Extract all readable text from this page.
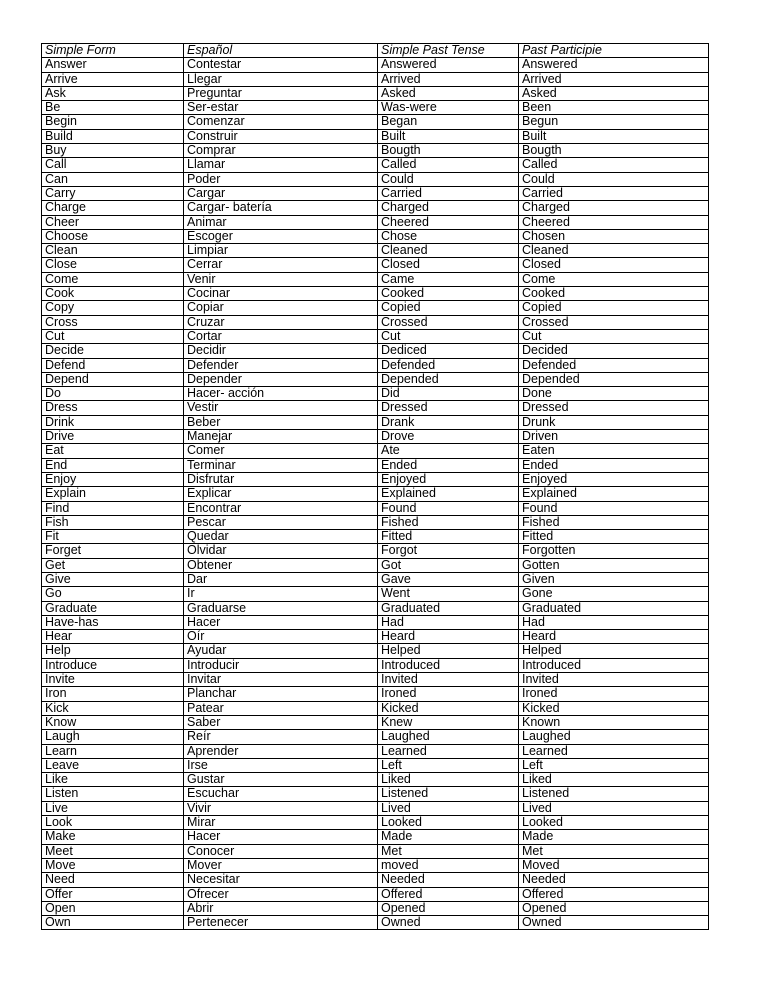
Simple Form	Español	Simple Past Tense	Past Participie
Answer	Contestar	Answered	Answered
Arrive	Llegar	Arrived	Arrived
Ask	Preguntar	Asked	Asked
Be	Ser-estar	Was-were	Been
Begin	Comenzar	Began	Begun
Build	Construir	Built	Built
Buy	Comprar	Bougth	Bougth
Call	Llamar	Called	Called
Can	Poder	Could	Could
Carry	Cargar	Carried	Carried
Charge	Cargar- batería	Charged	Charged
Cheer	Animar	Cheered	Cheered
Choose	Escoger	Chose	Chosen
Clean	Limpiar	Cleaned	Cleaned
Close	Cerrar	Closed	Closed
Come	Venir	Came	Come
Cook	Cocinar	Cooked	Cooked
Copy	Copiar	Copied	Copied
Cross	Cruzar	Crossed	Crossed
Cut	Cortar	Cut	Cut
Decide	Decidir	Dediced	Decided
Defend	Defender	Defended	Defended
Depend	Depender	Depended	Depended
Do	Hacer- acción	Did	Done
Dress	Vestir	Dressed	Dressed
Drink	Beber	Drank	Drunk
Drive	Manejar	Drove	Driven
Eat	Comer	Ate	Eaten
End	Terminar	Ended	Ended
Enjoy	Disfrutar	Enjoyed	Enjoyed
Explain	Explicar	Explained	Explained
Find	Encontrar	Found	Found
Fish	Pescar	Fished	Fished
Fit	Quedar	Fitted	Fitted
Forget	Olvidar	Forgot	Forgotten
Get	Obtener	Got	Gotten
Give	Dar	Gave	Given
Go	Ir	Went	Gone
Graduate	Graduarse	Graduated	Graduated
Have-has	Hacer	Had	Had
Hear	Oír	Heard	Heard
Help	Ayudar	Helped	Helped
Introduce	Introducir	Introduced	Introduced
Invite	Invitar	Invited	Invited
Iron	Planchar	Ironed	Ironed
Kick	Patear	Kicked	Kicked
Know	Saber	Knew	Known
Laugh	Reír	Laughed	Laughed
Learn	Aprender	Learned	Learned
Leave	Irse	Left	Left
Like	Gustar	Liked	Liked
Listen	Escuchar	Listened	Listened
Live	Vivir	Lived	Lived
Look	Mirar	Looked	Looked
Make	Hacer	Made	Made
Meet	Conocer	Met	Met
Move	Mover	moved	Moved
Need	Necesitar	Needed	Needed
Offer	Ofrecer	Offered	Offered
Open	Abrir	Opened	Opened
Own	Pertenecer	Owned	Owned
